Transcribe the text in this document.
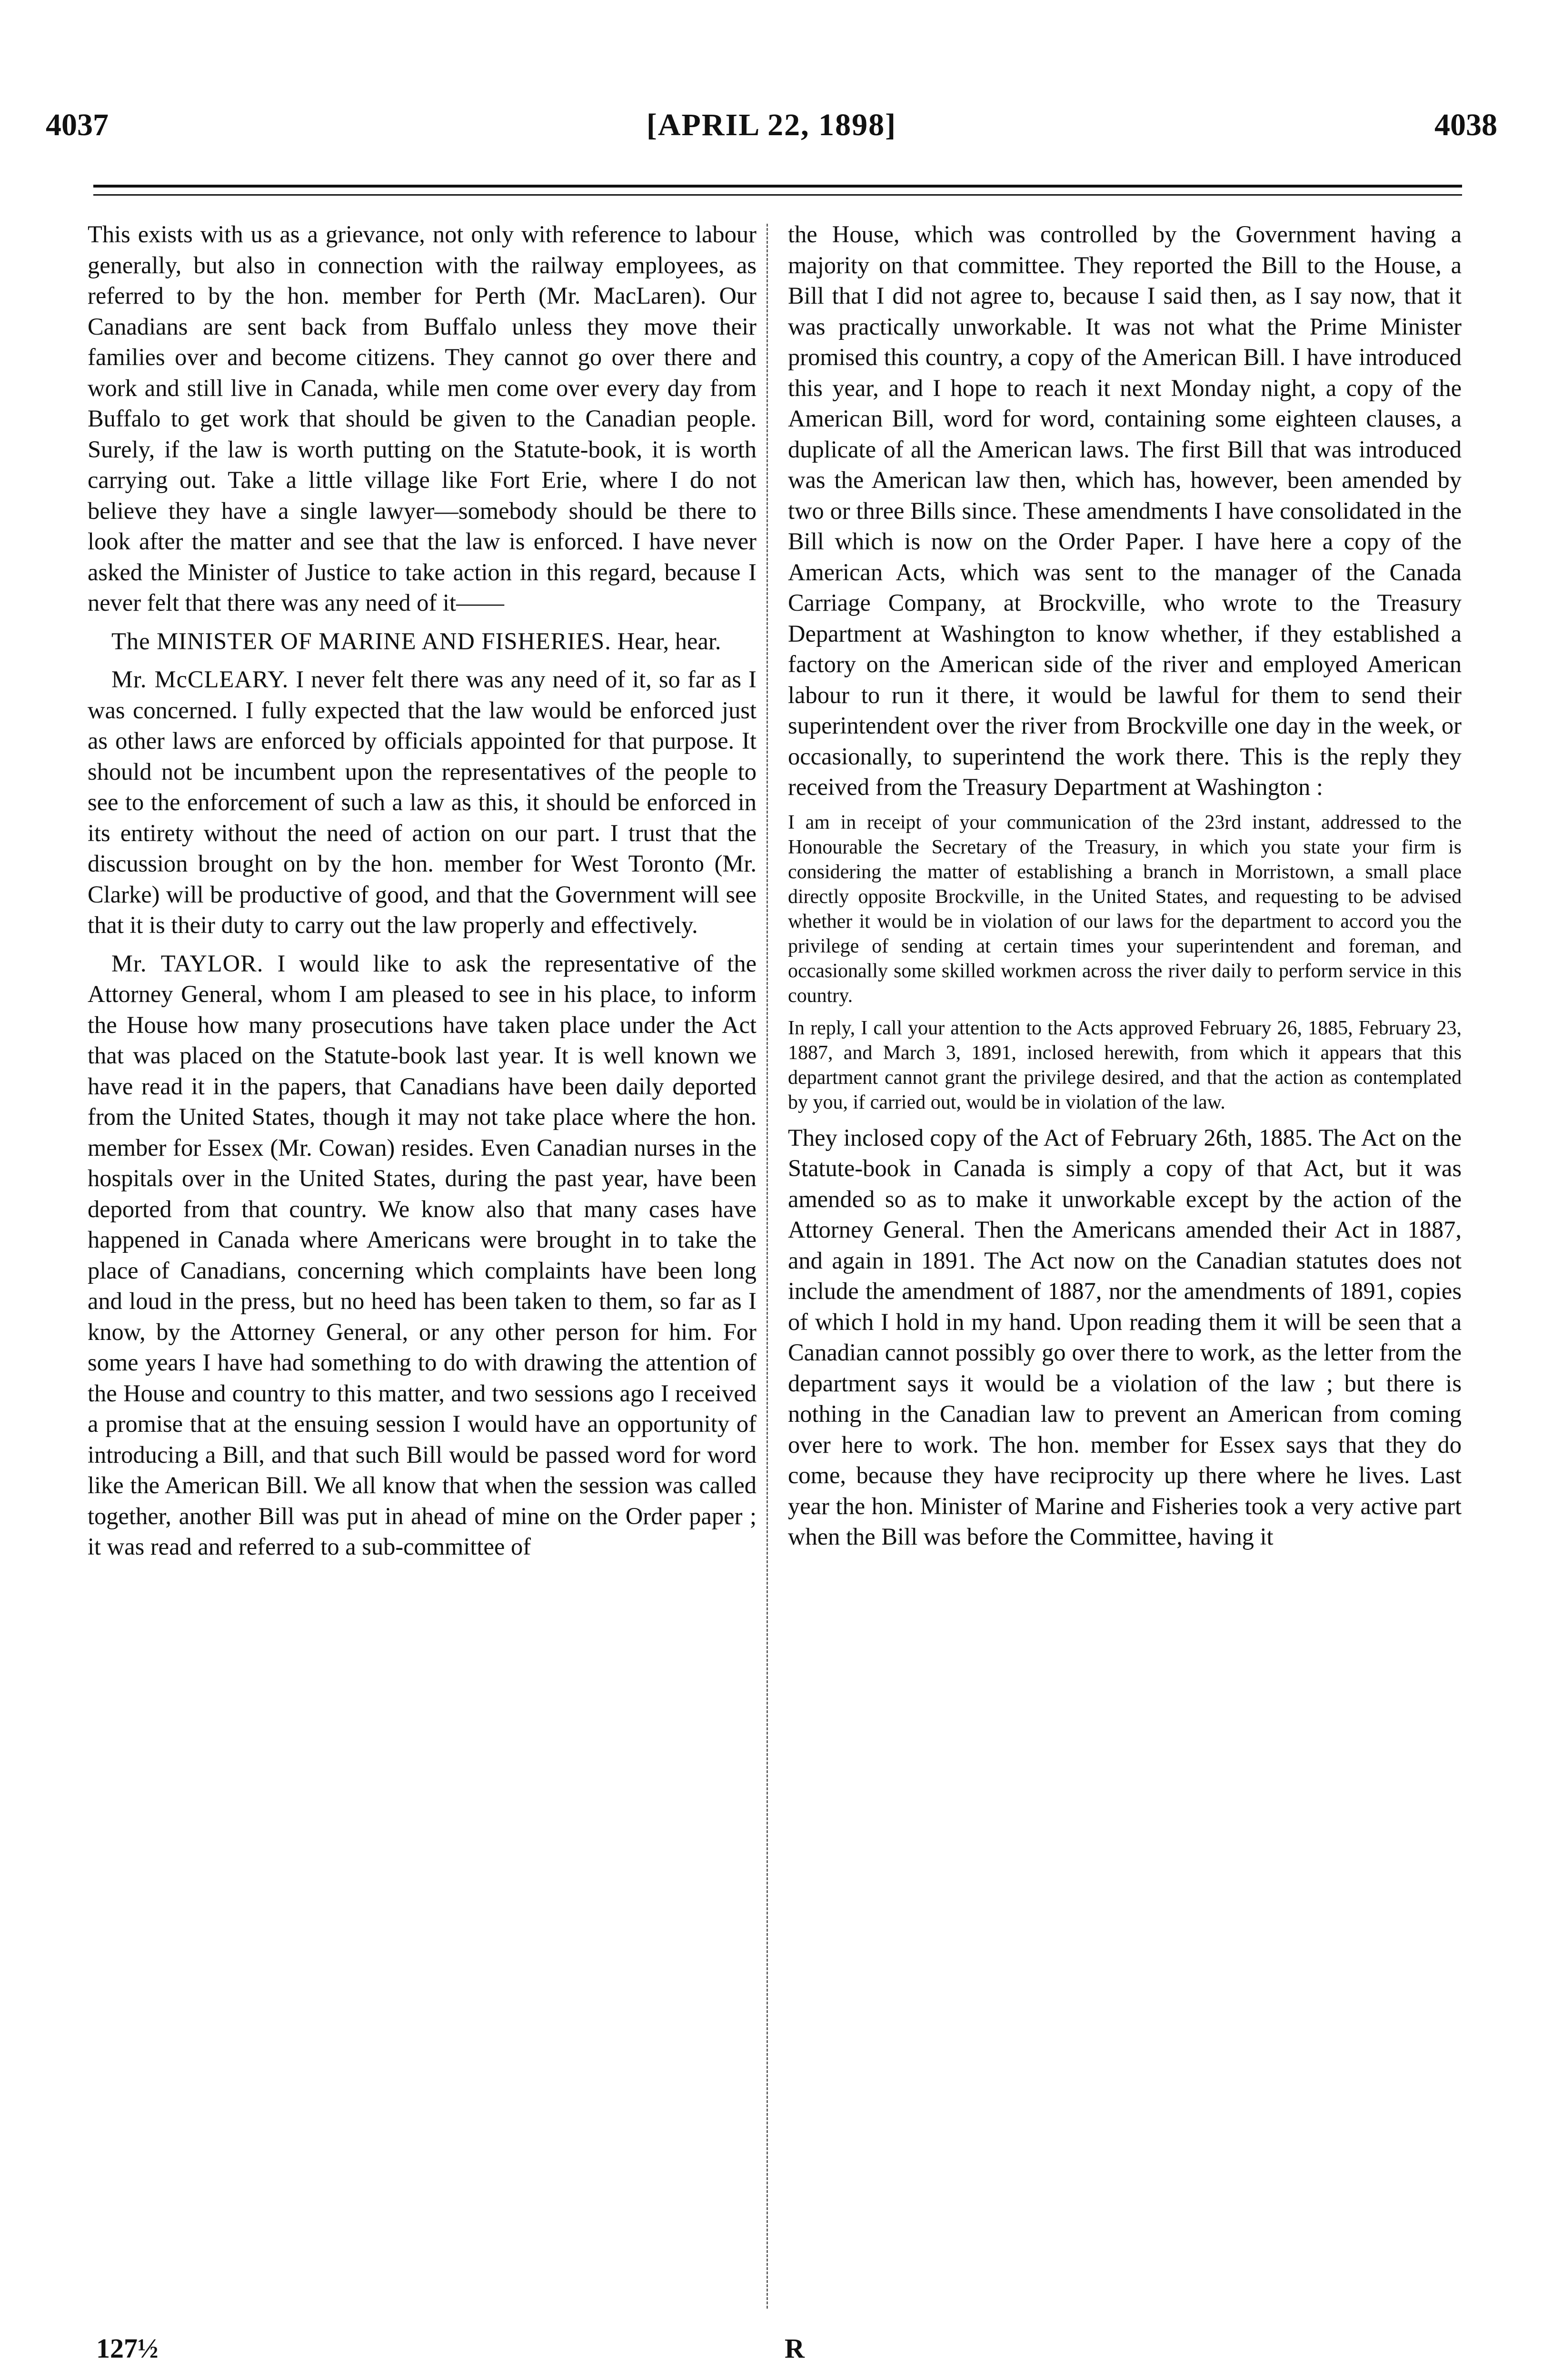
4037	[APRIL 22, 1898]	4038

This exists with us as a grievance, not only with reference to labour generally, but also in connection with the railway employees, as referred to by the hon. member for Perth (Mr. MacLaren). Our Canadians are sent back from Buffalo unless they move their families over and become citizens. They cannot go over there and work and still live in Canada, while men come over every day from Buffalo to get work that should be given to the Canadian people. Surely, if the law is worth putting on the Statute-book, it is worth carrying out. Take a little village like Fort Erie, where I do not believe they have a single lawyer—somebody should be there to look after the matter and see that the law is enforced. I have never asked the Minister of Justice to take action in this regard, because I never felt that there was any need of it——

The MINISTER OF MARINE AND FISHERIES. Hear, hear.

Mr. McCLEARY. I never felt there was any need of it, so far as I was concerned. I fully expected that the law would be enforced just as other laws are enforced by officials appointed for that purpose. It should not be incumbent upon the representatives of the people to see to the enforcement of such a law as this, it should be enforced in its entirety without the need of action on our part. I trust that the discussion brought on by the hon. member for West Toronto (Mr. Clarke) will be productive of good, and that the Government will see that it is their duty to carry out the law properly and effectively.

Mr. TAYLOR. I would like to ask the representative of the Attorney General, whom I am pleased to see in his place, to inform the House how many prosecutions have taken place under the Act that was placed on the Statute-book last year. It is well known we have read it in the papers, that Canadians have been daily deported from the United States, though it may not take place where the hon. member for Essex (Mr. Cowan) resides. Even Canadian nurses in the hospitals over in the United States, during the past year, have been deported from that country. We know also that many cases have happened in Canada where Americans were brought in to take the place of Canadians, concerning which complaints have been long and loud in the press, but no heed has been taken to them, so far as I know, by the Attorney General, or any other person for him. For some years I have had something to do with drawing the attention of the House and country to this matter, and two sessions ago I received a promise that at the ensuing session I would have an opportunity of introducing a Bill, and that such Bill would be passed word for word like the American Bill. We all know that when the session was called together, another Bill was put in ahead of mine on the Order paper ; it was read and referred to a sub-committee of

the House, which was controlled by the Government having a majority on that committee. They reported the Bill to the House, a Bill that I did not agree to, because I said then, as I say now, that it was practically unworkable. It was not what the Prime Minister promised this country, a copy of the American Bill. I have introduced this year, and I hope to reach it next Monday night, a copy of the American Bill, word for word, containing some eighteen clauses, a duplicate of all the American laws. The first Bill that was introduced was the American law then, which has, however, been amended by two or three Bills since. These amendments I have consolidated in the Bill which is now on the Order Paper. I have here a copy of the American Acts, which was sent to the manager of the Canada Carriage Company, at Brockville, who wrote to the Treasury Department at Washington to know whether, if they established a factory on the American side of the river and employed American labour to run it there, it would be lawful for them to send their superintendent over the river from Brockville one day in the week, or occasionally, to superintend the work there. This is the reply they received from the Treasury Department at Washington :

I am in receipt of your communication of the 23rd instant, addressed to the Honourable the Secretary of the Treasury, in which you state your firm is considering the matter of establishing a branch in Morristown, a small place directly opposite Brockville, in the United States, and requesting to be advised whether it would be in violation of our laws for the department to accord you the privilege of sending at certain times your superintendent and foreman, and occasionally some skilled workmen across the river daily to perform service in this country.

In reply, I call your attention to the Acts approved February 26, 1885, February 23, 1887, and March 3, 1891, inclosed herewith, from which it appears that this department cannot grant the privilege desired, and that the action as contemplated by you, if carried out, would be in violation of the law.

They inclosed copy of the Act of February 26th, 1885. The Act on the Statute-book in Canada is simply a copy of that Act, but it was amended so as to make it unworkable except by the action of the Attorney General. Then the Americans amended their Act in 1887, and again in 1891. The Act now on the Canadian statutes does not include the amendment of 1887, nor the amendments of 1891, copies of which I hold in my hand. Upon reading them it will be seen that a Canadian cannot possibly go over there to work, as the letter from the department says it would be a violation of the law ; but there is nothing in the Canadian law to prevent an American from coming over here to work. The hon. member for Essex says that they do come, because they have reciprocity up there where he lives. Last year the hon. Minister of Marine and Fisheries took a very active part when the Bill was before the Committee, having it

127½	R
